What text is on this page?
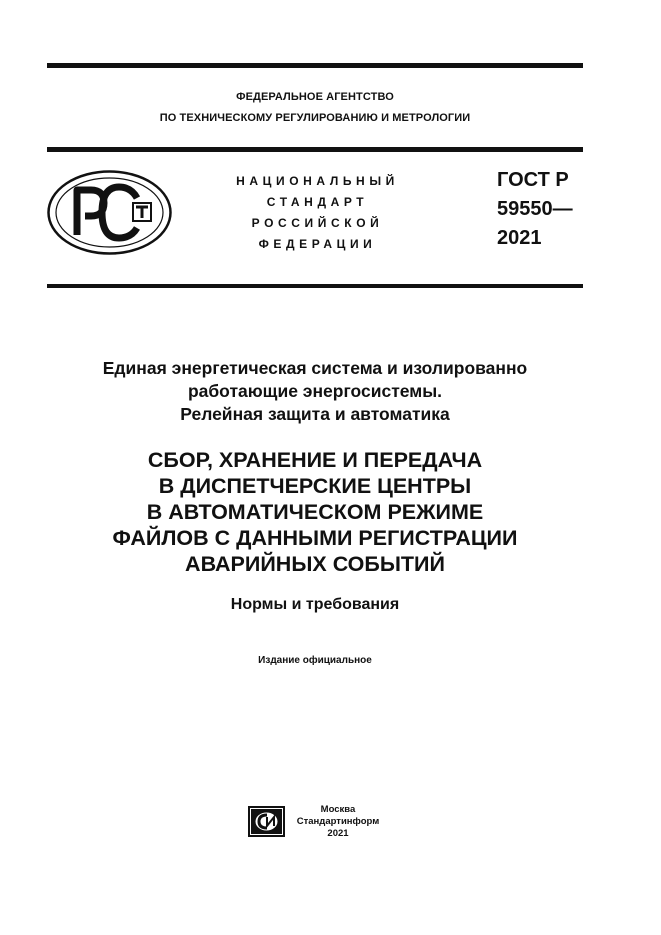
ФЕДЕРАЛЬНОЕ АГЕНТСТВО
ПО ТЕХНИЧЕСКОМУ РЕГУЛИРОВАНИЮ И МЕТРОЛОГИИ
НАЦИОНАЛЬНЫЙ
СТАНДАРТ
РОССИЙСКОЙ
ФЕДЕРАЦИИ
ГОСТ Р
59550—
2021
Единая энергетическая система и изолированно
работающие энергосистемы.
Релейная защита и автоматика
СБОР, ХРАНЕНИЕ И ПЕРЕДАЧА
В ДИСПЕТЧЕРСКИЕ ЦЕНТРЫ
В АВТОМАТИЧЕСКОМ РЕЖИМЕ
ФАЙЛОВ С ДАННЫМИ РЕГИСТРАЦИИ
АВАРИЙНЫХ СОБЫТИЙ
Нормы и требования
Издание официальное
Москва
Стандартинформ
2021
